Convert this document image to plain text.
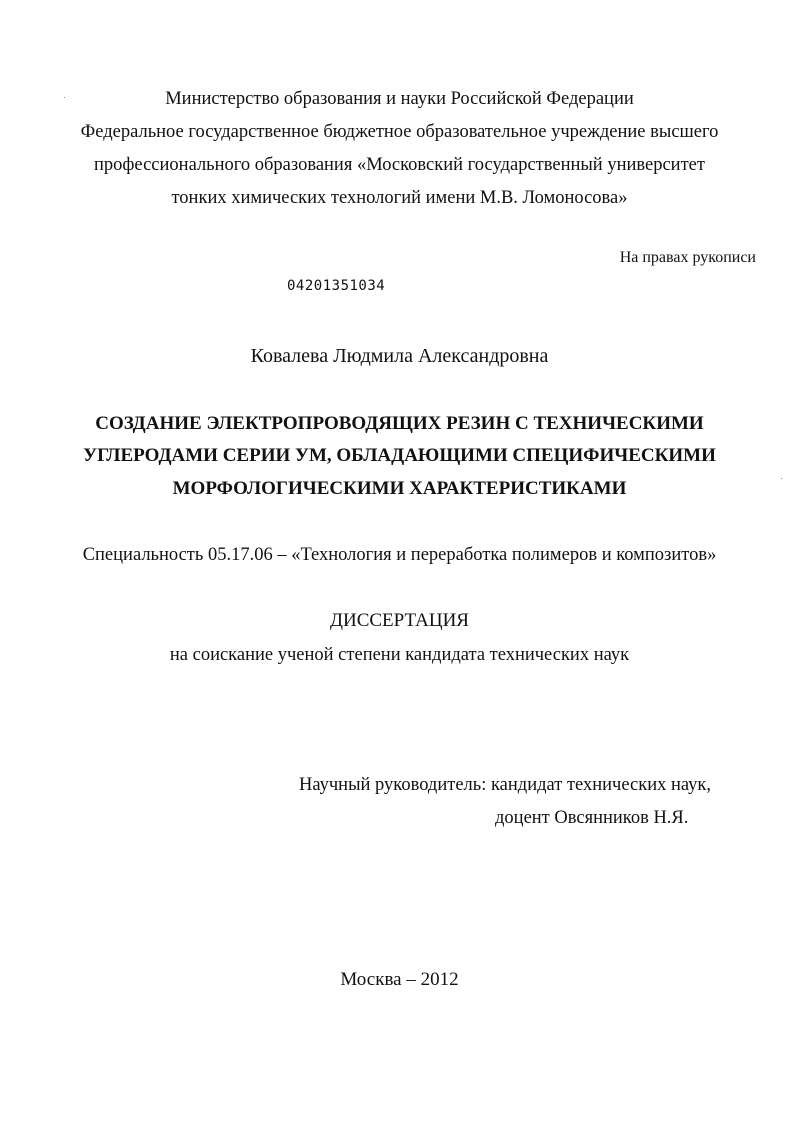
Министерство образования и науки Российской Федерации
Федеральное государственное бюджетное образовательное учреждение высшего
профессионального образования «Московский государственный университет
тонких химических технологий имени М.В. Ломоносова»
На правах рукописи
04201351034
Ковалева Людмила Александровна
СОЗДАНИЕ ЭЛЕКТРОПРОВОДЯЩИХ РЕЗИН С ТЕХНИЧЕСКИМИ
УГЛЕРОДАМИ СЕРИИ УМ, ОБЛАДАЮЩИМИ СПЕЦИФИЧЕСКИМИ
МОРФОЛОГИЧЕСКИМИ ХАРАКТЕРИСТИКАМИ
Специальность 05.17.06 – «Технология и переработка полимеров и композитов»
ДИССЕРТАЦИЯ
на соискание ученой степени кандидата технических наук
Научный руководитель: кандидат технических наук,
доцент Овсянников Н.Я.
Москва – 2012
